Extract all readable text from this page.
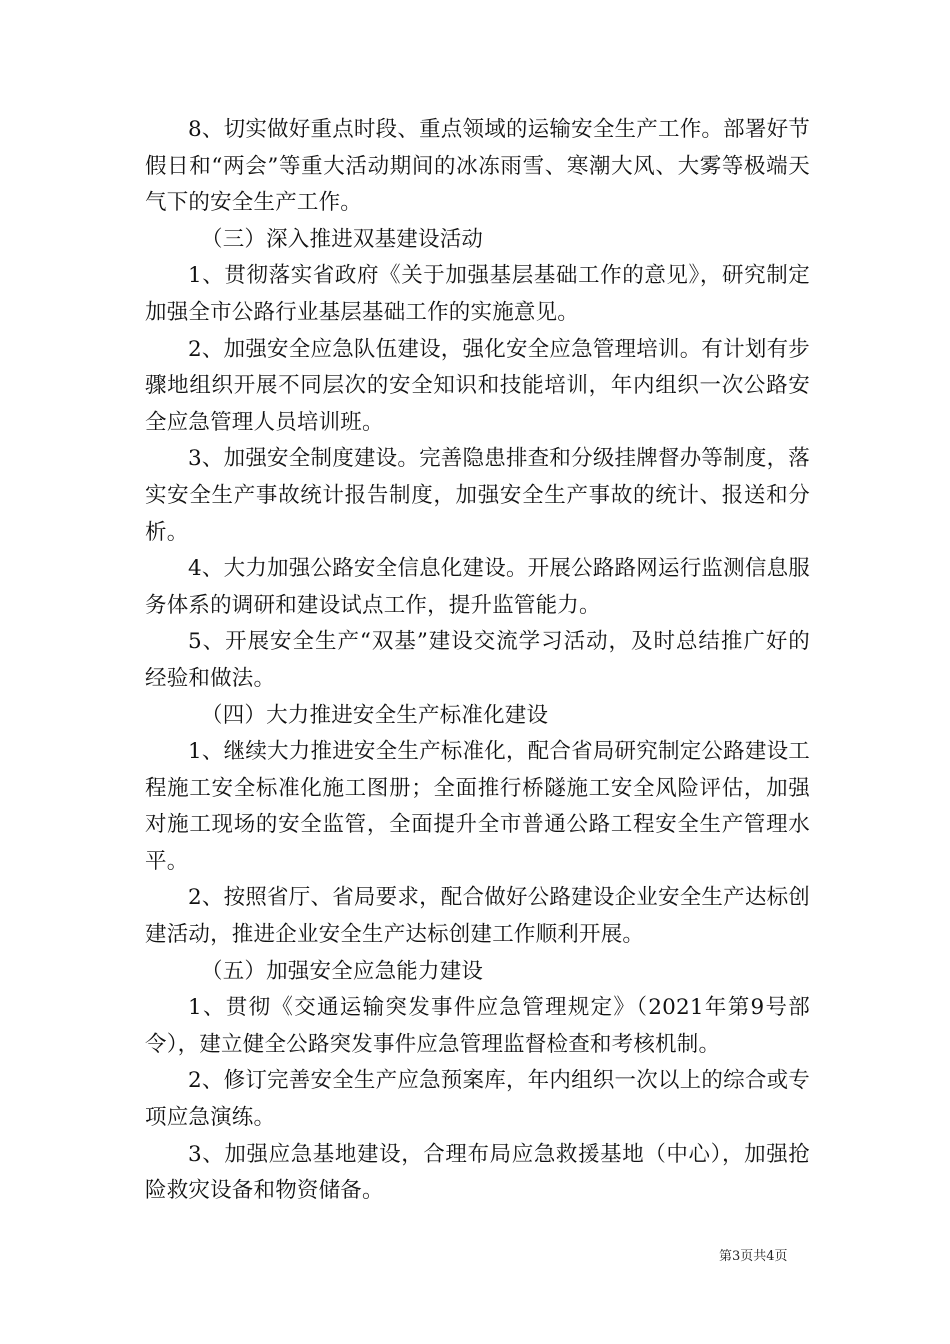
8、切实做好重点时段、重点领域的运输安全生产工作。部署好节假日和“两会”等重大活动期间的冰冻雨雪、寒潮大风、大雾等极端天气下的安全生产工作。

（三）深入推进双基建设活动

1、贯彻落实省政府《关于加强基层基础工作的意见》，研究制定加强全市公路行业基层基础工作的实施意见。

2、加强安全应急队伍建设，强化安全应急管理培训。有计划有步骤地组织开展不同层次的安全知识和技能培训，年内组织一次公路安全应急管理人员培训班。

3、加强安全制度建设。完善隐患排查和分级挂牌督办等制度，落实安全生产事故统计报告制度，加强安全生产事故的统计、报送和分析。

4、大力加强公路安全信息化建设。开展公路路网运行监测信息服务体系的调研和建设试点工作，提升监管能力。

5、开展安全生产“双基”建设交流学习活动，及时总结推广好的经验和做法。

（四）大力推进安全生产标准化建设

1、继续大力推进安全生产标准化，配合省局研究制定公路建设工程施工安全标准化施工图册；全面推行桥隧施工安全风险评估，加强对施工现场的安全监管，全面提升全市普通公路工程安全生产管理水平。

2、按照省厅、省局要求，配合做好公路建设企业安全生产达标创建活动，推进企业安全生产达标创建工作顺利开展。

（五）加强安全应急能力建设

1、贯彻《交通运输突发事件应急管理规定》（2021年第9号部令），建立健全公路突发事件应急管理监督检查和考核机制。

2、修订完善安全生产应急预案库，年内组织一次以上的综合或专项应急演练。

3、加强应急基地建设，合理布局应急救援基地（中心），加强抢险救灾设备和物资储备。

第3页共4页
